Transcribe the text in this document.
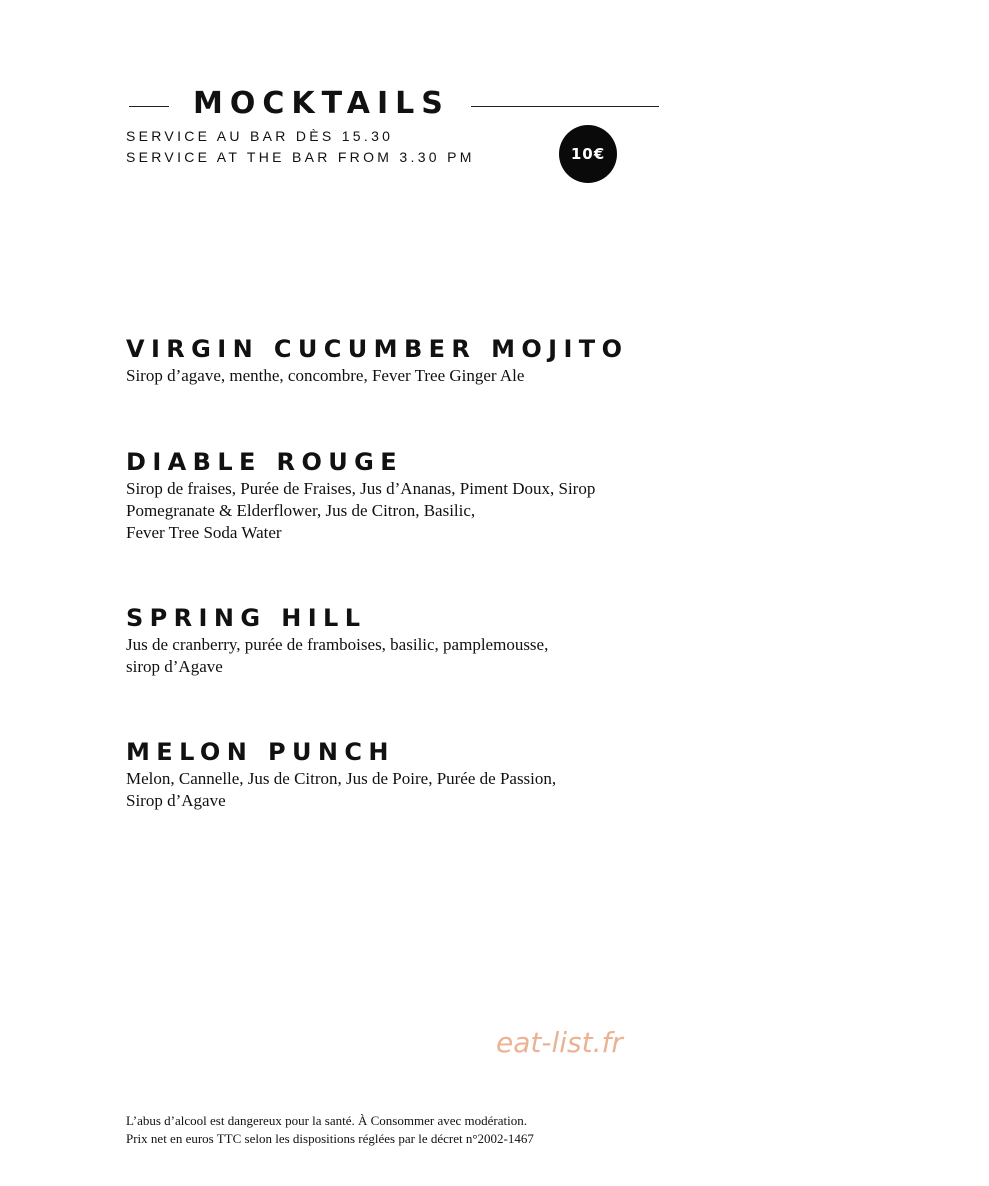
MOCKTAILS
SERVICE AU BAR DÈS 15.30
SERVICE AT THE BAR FROM 3.30 PM	10€
VIRGIN CUCUMBER MOJITO
Sirop d’agave, menthe, concombre, Fever Tree Ginger Ale
DIABLE ROUGE
Sirop de fraises, Purée de Fraises, Jus d’Ananas, Piment Doux, Sirop
Pomegranate & Elderflower, Jus de Citron, Basilic,
Fever Tree Soda Water
SPRING HILL
Jus de cranberry, purée de framboises, basilic, pamplemousse,
sirop d’Agave
MELON PUNCH
Melon, Cannelle, Jus de Citron, Jus de Poire, Purée de Passion,
Sirop d’Agave
eat-list.fr
L’abus d’alcool est dangereux pour la santé. À Consommer avec modération.
Prix net en euros TTC selon les dispositions réglées par le décret n°2002-1467
